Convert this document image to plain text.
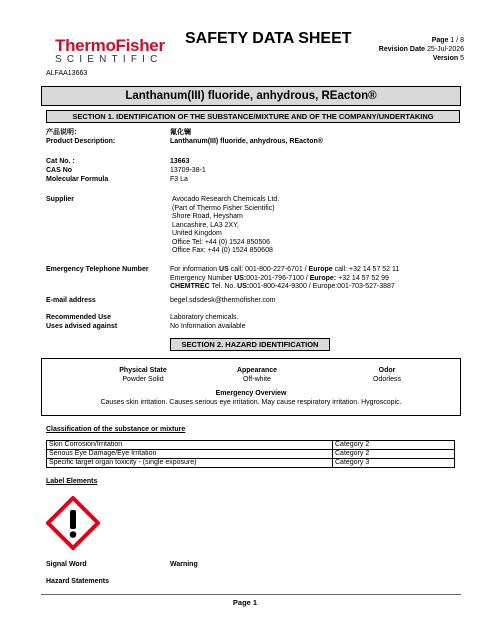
ThermoFisher
SCIENTIFIC
SAFETY DATA SHEET	Page 1 / 8
Revision Date 25-Jul-2026
Version 5
ALFAA13663
Lanthanum(III) fluoride, anhydrous, REacton®
SECTION 1. IDENTIFICATION OF THE SUBSTANCE/MIXTURE AND OF THE COMPANY/UNDERTAKING
产品说明：	氟化镧
Product Description:	Lanthanum(III) fluoride, anhydrous, REacton®
Cat No. :	13663
CAS No	13709-38-1
Molecular Formula	F3 La
Supplier	Avocado Research Chemicals Ltd.
(Part of Thermo Fisher Scientific)
Shore Road, Heysham
Lancashire, LA3 2XY,
United Kingdom
Office Tel: +44 (0) 1524 850506
Office Fax: +44 (0) 1524 850608
Emergency Telephone Number	For information US call: 001-800-227-6701 / Europe call: +32 14 57 52 11
Emergency Number US:001-201-796-7100 / Europe: +32 14 57 52 99
CHEMTREC Tel. No. US:001-800-424-9300 / Europe:001-703-527-3887
E-mail address	begel.sdsdesk@thermofisher.com
Recommended Use	Laboratory chemicals.
Uses advised against	No Information available
SECTION 2. HAZARD IDENTIFICATION
Physical State
Powder Solid
Appearance
Off-white
Odor
Odorless
Emergency Overview
Causes skin irritation. Causes serious eye irritation. May cause respiratory irritation. Hygroscopic.
Classification of the substance or mixture
Skin Corrosion/Irritation	Category 2
Serious Eye Damage/Eye Irritation	Category 2
Specific target organ toxicity - (single exposure)	Category 3
Label Elements
Signal Word	Warning
Hazard Statements
Page 1
